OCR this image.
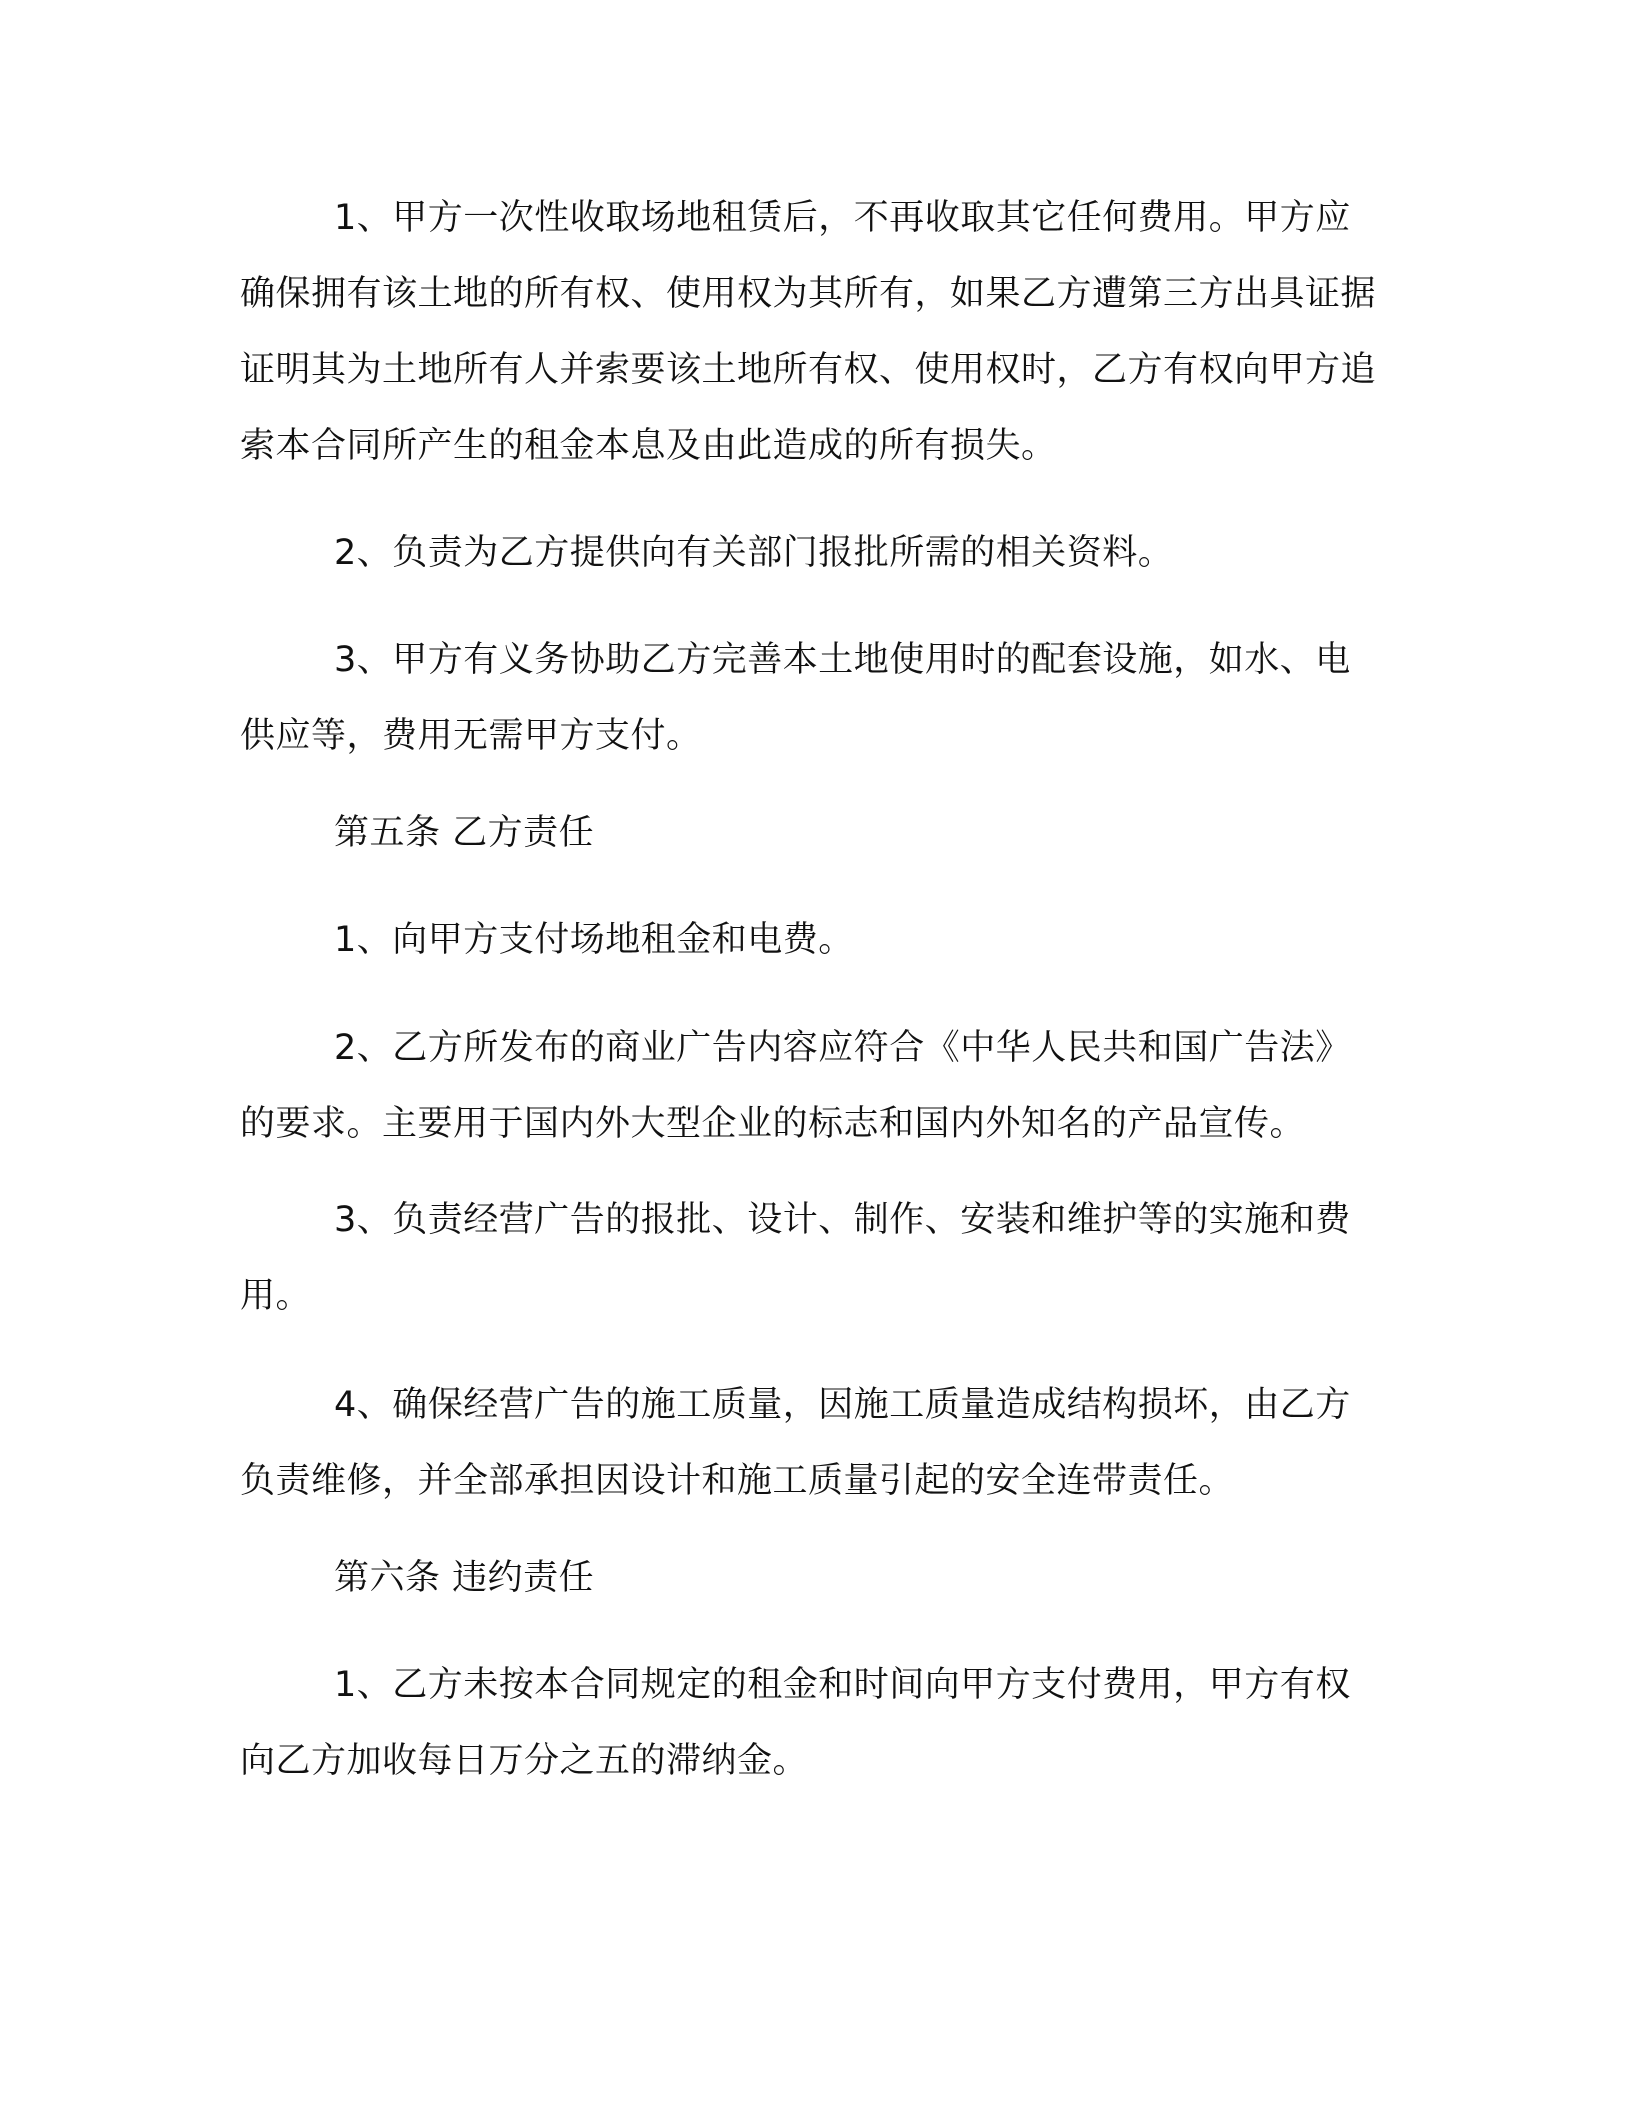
1、甲方一次性收取场地租赁后，不再收取其它任何费用。甲方应确保拥有该土地的所有权、使用权为其所有，如果乙方遭第三方出具证据证明其为土地所有人并索要该土地所有权、使用权时，乙方有权向甲方追索本合同所产生的租金本息及由此造成的所有损失。

2、负责为乙方提供向有关部门报批所需的相关资料。

3、甲方有义务协助乙方完善本土地使用时的配套设施，如水、电供应等，费用无需甲方支付。

第五条 乙方责任

1、向甲方支付场地租金和电费。

2、乙方所发布的商业广告内容应符合《中华人民共和国广告法》的要求。主要用于国内外大型企业的标志和国内外知名的产品宣传。

3、负责经营广告的报批、设计、制作、安装和维护等的实施和费用。

4、确保经营广告的施工质量，因施工质量造成结构损坏，由乙方负责维修，并全部承担因设计和施工质量引起的安全连带责任。

第六条 违约责任

1、乙方未按本合同规定的租金和时间向甲方支付费用，甲方有权向乙方加收每日万分之五的滞纳金。
